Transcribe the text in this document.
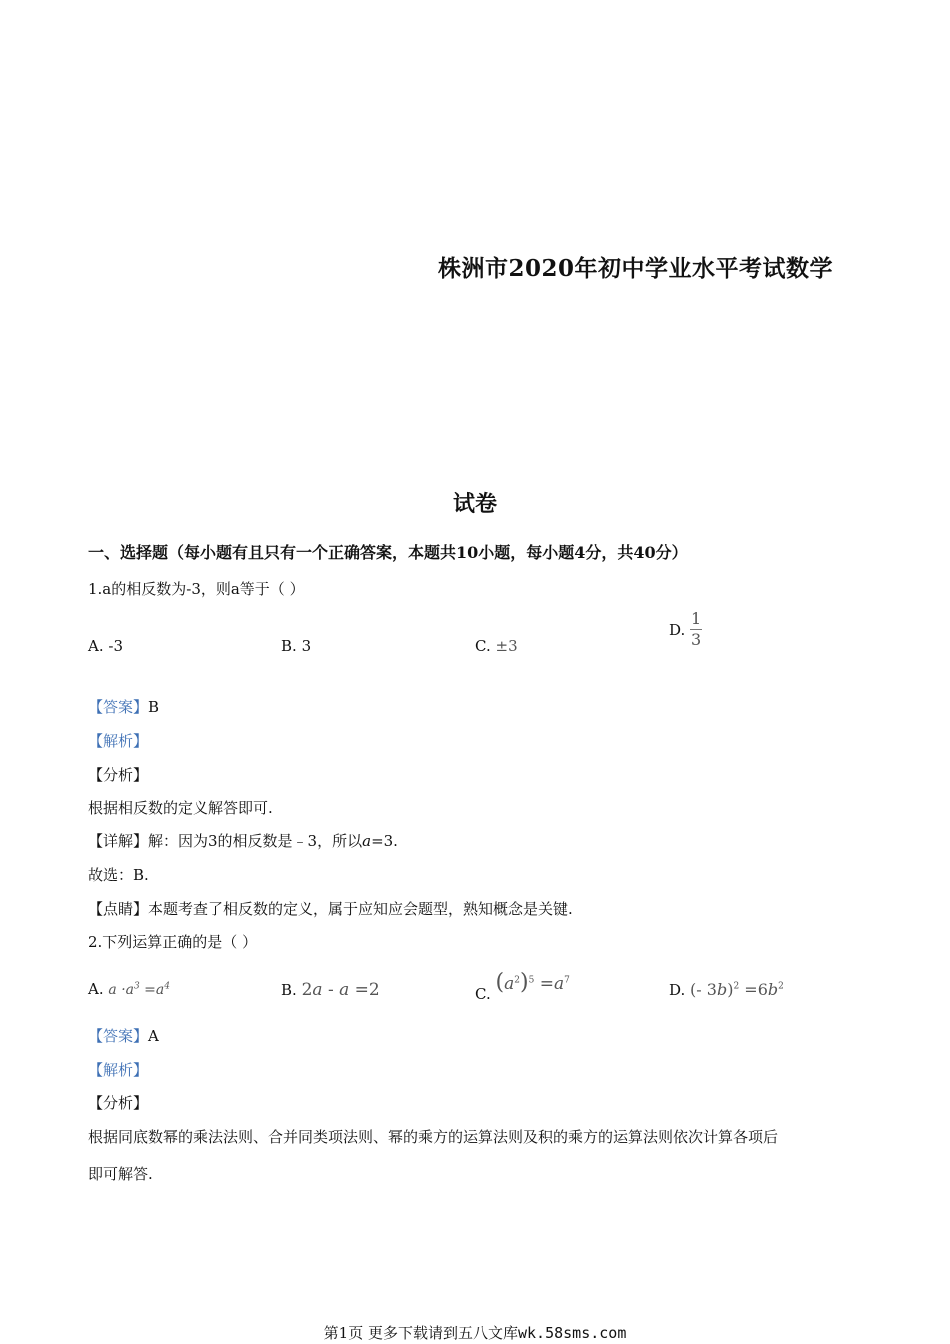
株洲市2020年初中学业水平考试数学
试卷
一、选择题（每小题有且只有一个正确答案，本题共10小题，每小题4分，共40分）
1.a的相反数为-3，则a等于（ ）
A. -3	B. 3	C. ±3
D. $\frac{1}{3}$
【答案】B
【解析】
【分析】
根据相反数的定义解答即可.
【详解】解：因为3的相反数是﹣3，所以a=3.
故选：B.
【点睛】本题考查了相反数的定义，属于应知应会题型，熟知概念是关键.
2.下列运算正确的是（ ）
A. $a \cdot a^3 =a^4$	B. 2a - a =2	C. $(a^2)^5 =a^7$
D. (- $3b)^2 =6b^2$
【答案】A
【解析】
【分析】
根据同底数幂的乘法法则、合并同类项法则、幂的乘方的运算法则及积的乘方的运算法则依次计算各项后
即可解答.
第1页 更多下载请到五八文库wk.58sms.com
